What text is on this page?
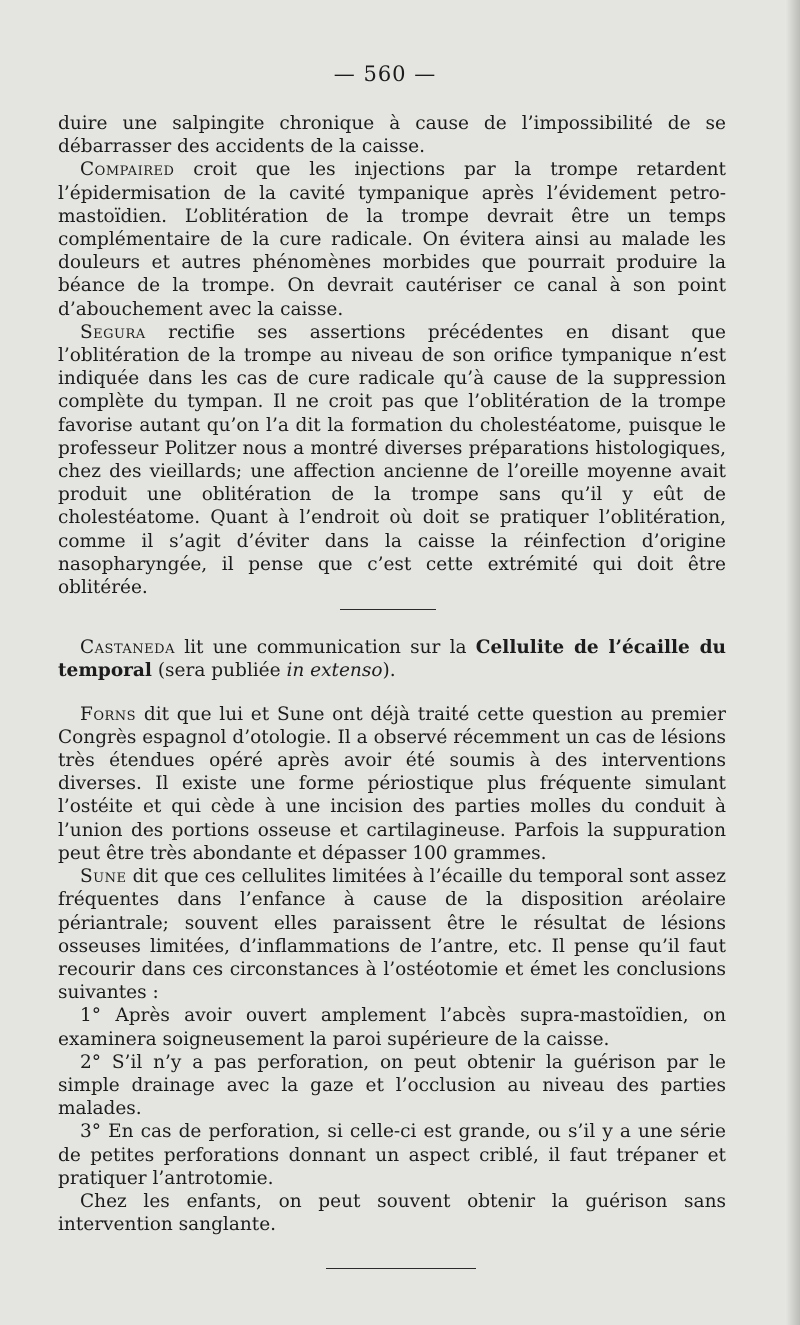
— 560 —

duire une salpingite chronique à cause de l’impossibilité de se débarrasser des accidents de la caisse.

Compaired croit que les injections par la trompe retardent l’épidermisation de la cavité tympanique après l’évidement petro-mastoïdien. L’oblitération de la trompe devrait être un temps complémentaire de la cure radicale. On évitera ainsi au malade les douleurs et autres phénomènes morbides que pourrait produire la béance de la trompe. On devrait cautériser ce canal à son point d’abouchement avec la caisse.

Segura rectifie ses assertions précédentes en disant que l’oblitération de la trompe au niveau de son orifice tympanique n’est indiquée dans les cas de cure radicale qu’à cause de la suppression complète du tympan. Il ne croit pas que l’oblitération de la trompe favorise autant qu’on l’a dit la formation du cholestéatome, puisque le professeur Politzer nous a montré diverses préparations histologiques, chez des vieillards; une affection ancienne de l’oreille moyenne avait produit une oblitération de la trompe sans qu’il y eût de cholestéatome. Quant à l’endroit où doit se pratiquer l’oblitération, comme il s’agit d’éviter dans la caisse la réinfection d’origine nasopharyngée, il pense que c’est cette extrémité qui doit être oblitérée.

Castaneda lit une communication sur la Cellulite de l’écaille du temporal (sera publiée in extenso).

Forns dit que lui et Sune ont déjà traité cette question au premier Congrès espagnol d’otologie. Il a observé récemment un cas de lésions très étendues opéré après avoir été soumis à des interventions diverses. Il existe une forme périostique plus fréquente simulant l’ostéite et qui cède à une incision des parties molles du conduit à l’union des portions osseuse et cartilagineuse. Parfois la suppuration peut être très abondante et dépasser 100 grammes.

Sune dit que ces cellulites limitées à l’écaille du temporal sont assez fréquentes dans l’enfance à cause de la disposition aréolaire périantrale; souvent elles paraissent être le résultat de lésions osseuses limitées, d’inflammations de l’antre, etc. Il pense qu’il faut recourir dans ces circonstances à l’ostéotomie et émet les conclusions suivantes :

1° Après avoir ouvert amplement l’abcès supra-mastoïdien, on examinera soigneusement la paroi supérieure de la caisse.

2° S’il n’y a pas perforation, on peut obtenir la guérison par le simple drainage avec la gaze et l’occlusion au niveau des parties malades.

3° En cas de perforation, si celle-ci est grande, ou s’il y a une série de petites perforations donnant un aspect criblé, il faut trépaner et pratiquer l’antrotomie.

Chez les enfants, on peut souvent obtenir la guérison sans intervention sanglante.
